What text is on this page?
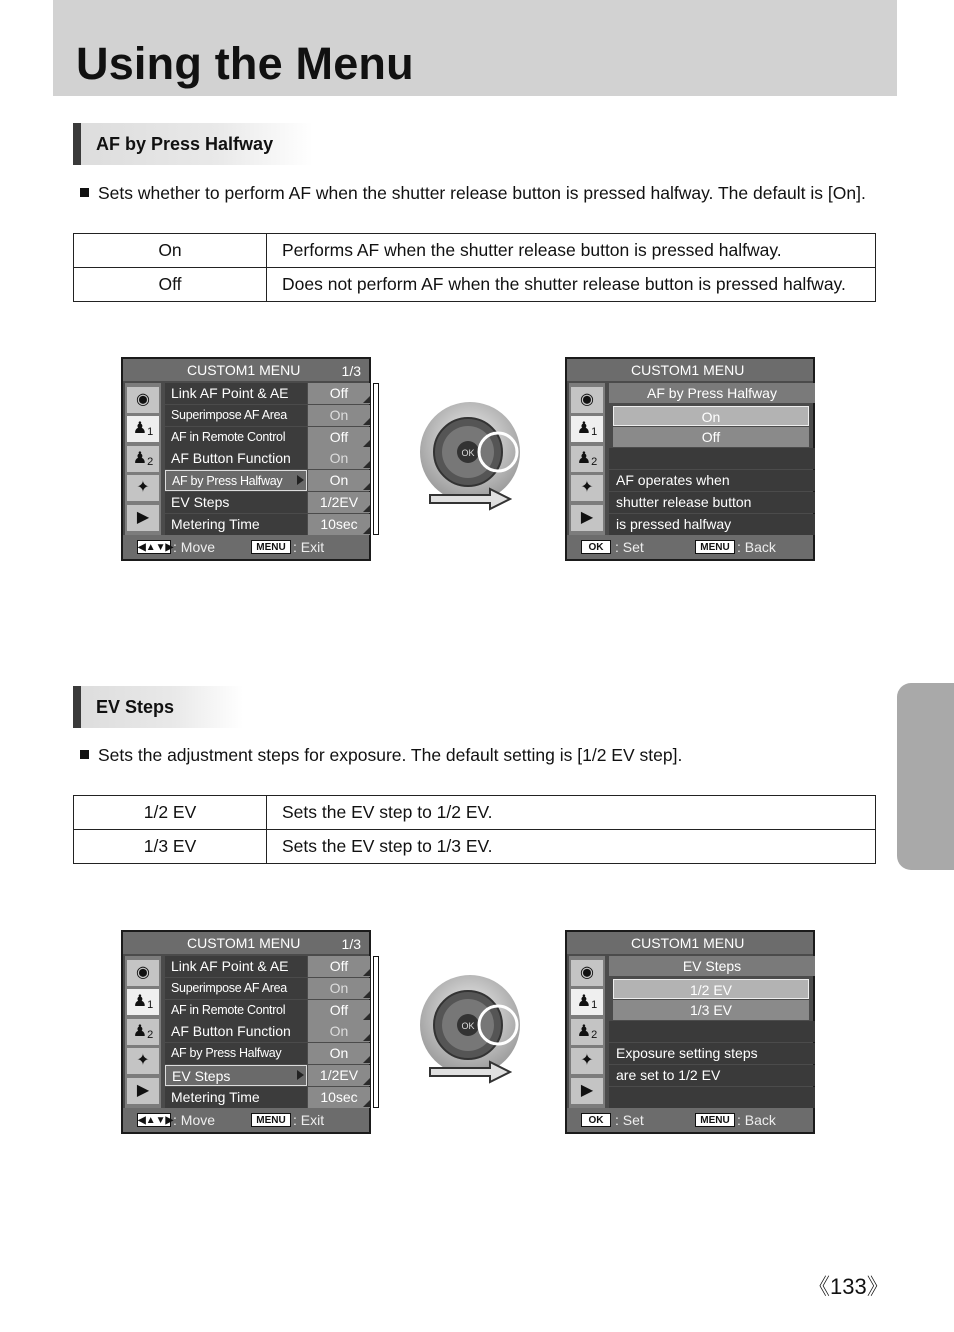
Using the Menu
AF by Press Halfway
Sets whether to perform AF when the shutter release button is pressed halfway. The default is [On].
On	Performs AF when the shutter release button is pressed halfway.
Off	Does not perform AF when the shutter release button is pressed halfway.
CUSTOM1 MENU	1/3
◉
$♟_1$
$♟_2$
✦
▶
Link AF Point & AE	Off
Superimpose AF Area	On
AF in Remote Control	Off
AF Button Function	On
AF by Press Halfway	On
EV Steps	1/2EV
Metering Time	10sec
◀▲▼▶ : Move	MENU : Exit
OK
CUSTOM1 MENU
◉
$♟_1$
$♟_2$
✦
▶
AF by Press Halfway
On
Off
AF operates when
shutter release button
is pressed halfway
OK : Set	MENU : Back
EV Steps
Sets the adjustment steps for exposure. The default setting is [1/2 EV step].
1/2 EV	Sets the EV step to 1/2 EV.
1/3 EV	Sets the EV step to 1/3 EV.
CUSTOM1 MENU	1/3
◉
$♟_1$
$♟_2$
✦
▶
Link AF Point & AE	Off
Superimpose AF Area	On
AF in Remote Control	Off
AF Button Function	On
AF by Press Halfway	On
EV Steps	1/2EV
Metering Time	10sec
◀▲▼▶ : Move	MENU : Exit
OK
CUSTOM1 MENU
◉
$♟_1$
$♟_2$
✦
▶
EV Steps
1/2 EV
1/3 EV
Exposure setting steps
are set to 1/2 EV
OK : Set	MENU : Back
《133》
